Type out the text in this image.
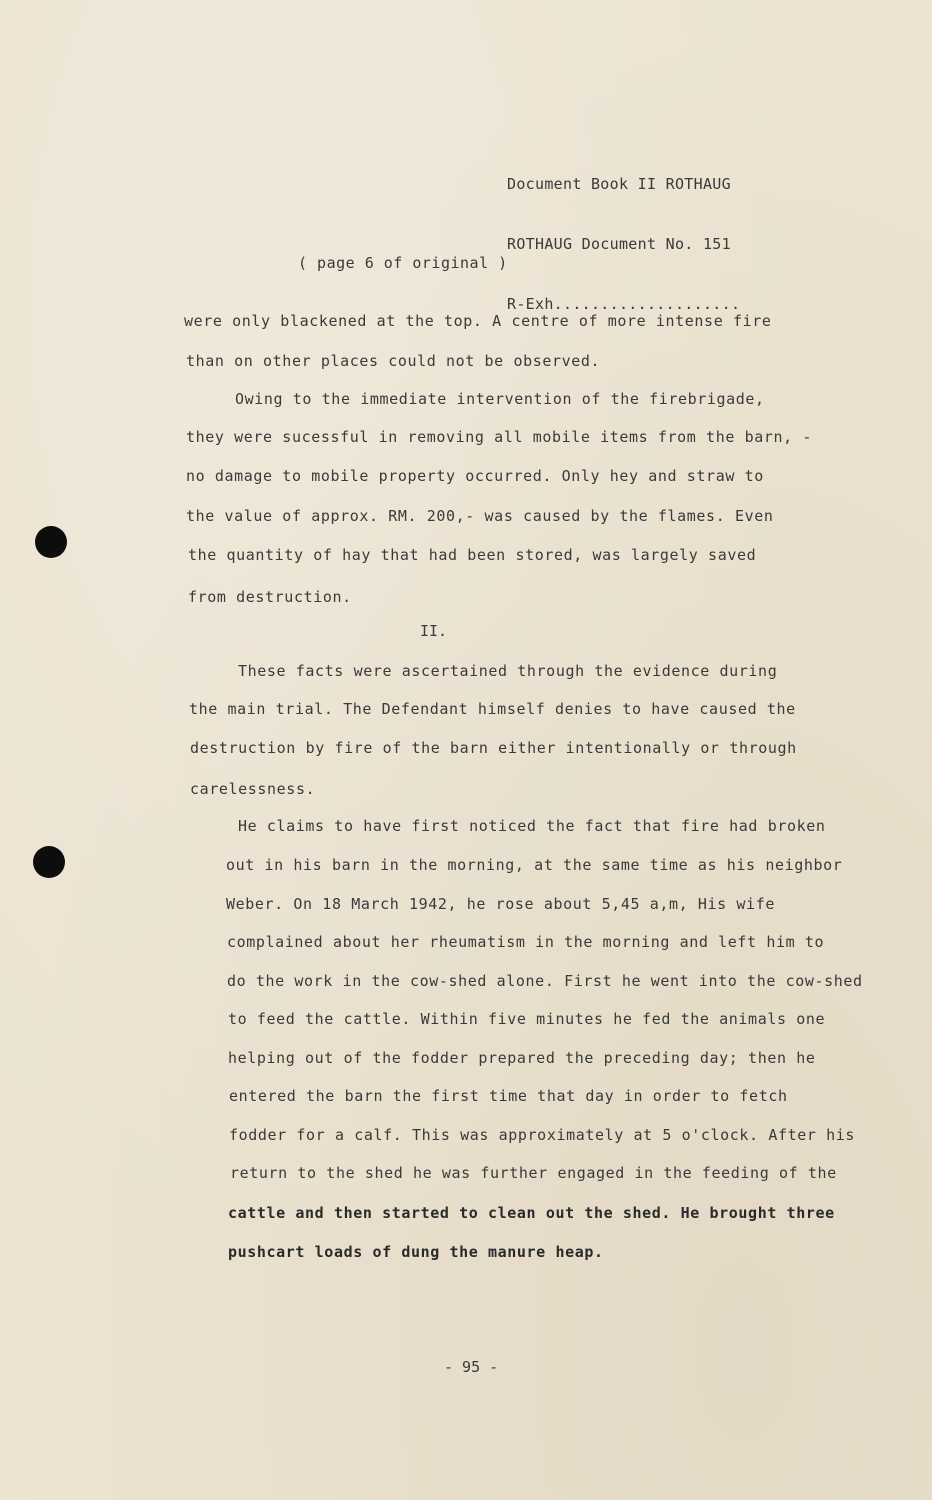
Document Book II ROTHAUG

ROTHAUG Document No. 151

R-Exh....................

( page 6 of original )
were only blackened at the top. A centre of more intense fire
than on other places could not be observed.
Owing to the immediate intervention of the firebrigade,
they were sucessful in removing all mobile items from the barn, -
no damage to mobile property occurred. Only hey and straw to
the value of approx. RM. 200,- was caused by the flames. Even
the quantity of hay that had been stored, was largely saved
from destruction.
II.
These facts were ascertained through the evidence during
the main trial. The Defendant himself denies to have caused the
destruction by fire of the barn either intentionally or through
carelessness.
He claims to have first noticed the fact that fire had broken
out in his barn in the morning, at the same time as his neighbor
Weber. On 18 March 1942, he rose about 5,45 a,m, His wife
complained about her rheumatism in the morning and left him to
do the work in the cow-shed alone. First he went into the cow-shed
to feed the cattle. Within five minutes he fed the animals one
helping out of the fodder prepared the preceding day; then he
entered the barn the first time that day in order to fetch
fodder for a calf. This was approximately at 5 o'clock. After his
return to the shed he was further engaged in the feeding of the
cattle and then started to clean out the shed. He brought three
pushcart loads of dung the manure heap.
- 95 -
